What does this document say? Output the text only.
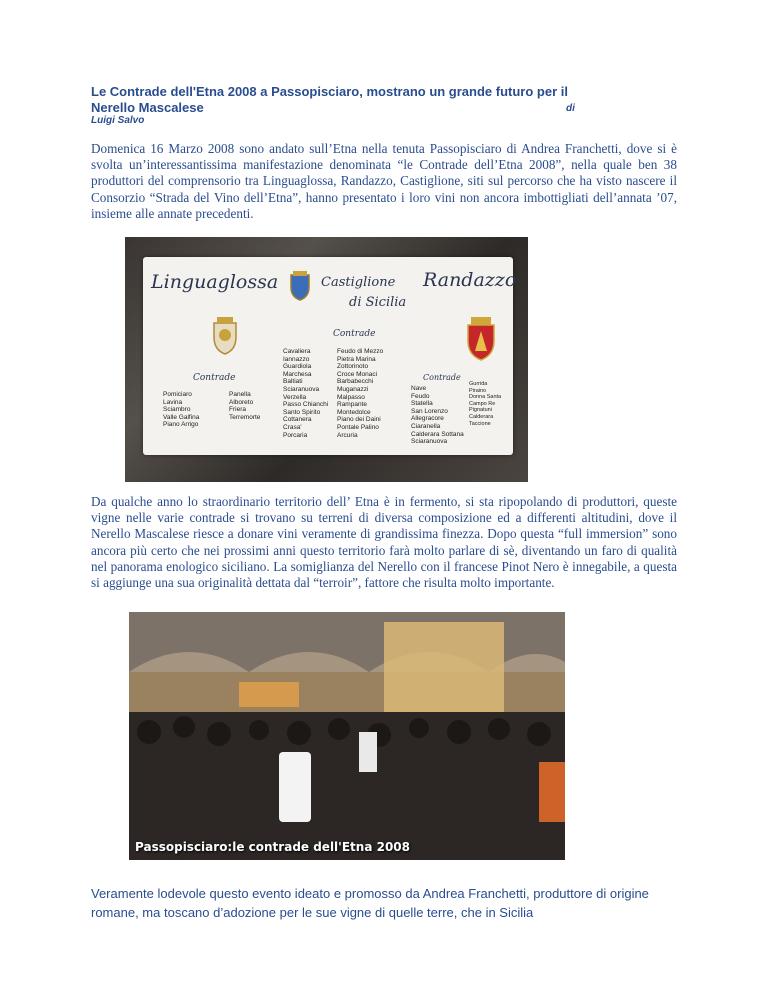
Le Contrade dell'Etna 2008 a Passopisciaro, mostrano un grande futuro per il Nerello Mascalese	di
Luigi Salvo

Domenica 16 Marzo 2008 sono andato sull’Etna nella tenuta Passopisciaro di Andrea Franchetti, dove si è svolta un’interessantissima manifestazione denominata “le Contrade dell’Etna 2008”, nella quale ben 38 produttori del comprensorio tra Linguaglossa, Randazzo, Castiglione, siti sul percorso che ha visto nascere il Consorzio “Strada del Vino dell’Etna”, hanno presentato i loro vini non ancora imbottigliati dell’annata ’07, insieme alle annate precedenti.

Linguaglossa	Castiglione
di Sicilia
Randazzo
Contrade
Contrade	Contrade
Pomiciaro
Lavina
Sciambro
Valle Galfina
Piano Arrigo
Panella
Alboreto
Friera
Terremorte
Cavaliera
Iannazzo
Guardiola
Marchesa
Baltiati
Sciaranuova
Verzella
Passo Chianchi
Santo Spirito
Cottanera
Crasa'
Porcaria
Feudo di Mezzo
Pietra Marina
Zottorinoto
Croce Monaci
Barbabecchi
Muganazzi
Malpasso
Rampante
Montedolce
Piano dei Daini
Pontale Palino
Arcuria
Nave
Feudo
Statella
San Lorenzo
Allegracore
Ciaranella
Calderara Sottana
Sciaranuova
Gurrida
Piraino
Donna Santa
Campo Re
Pignatuni
Calderara
Taccione

Da qualche anno lo straordinario territorio dell’ Etna è in fermento, si sta ripopolando di produttori, queste vigne nelle varie contrade si trovano su terreni di diversa composizione ed a differenti altitudini, dove il Nerello Mascalese riesce a donare vini veramente di grandissima finezza. Dopo questa “full immersion” sono ancora più certo che nei prossimi anni questo territorio farà molto parlare di sè, diventando un faro di qualità nel panorama enologico siciliano. La somiglianza del Nerello con il francese Pinot Nero è innegabile, a questa si aggiunge una sua originalità dettata dal “terroir”, fattore che risulta molto importante.

Passopisciaro:le contrade dell'Etna 2008

Veramente lodevole questo evento ideato e promosso da Andrea Franchetti, produttore di origine romane, ma toscano d’adozione per le sue vigne di quelle terre, che in Sicilia
